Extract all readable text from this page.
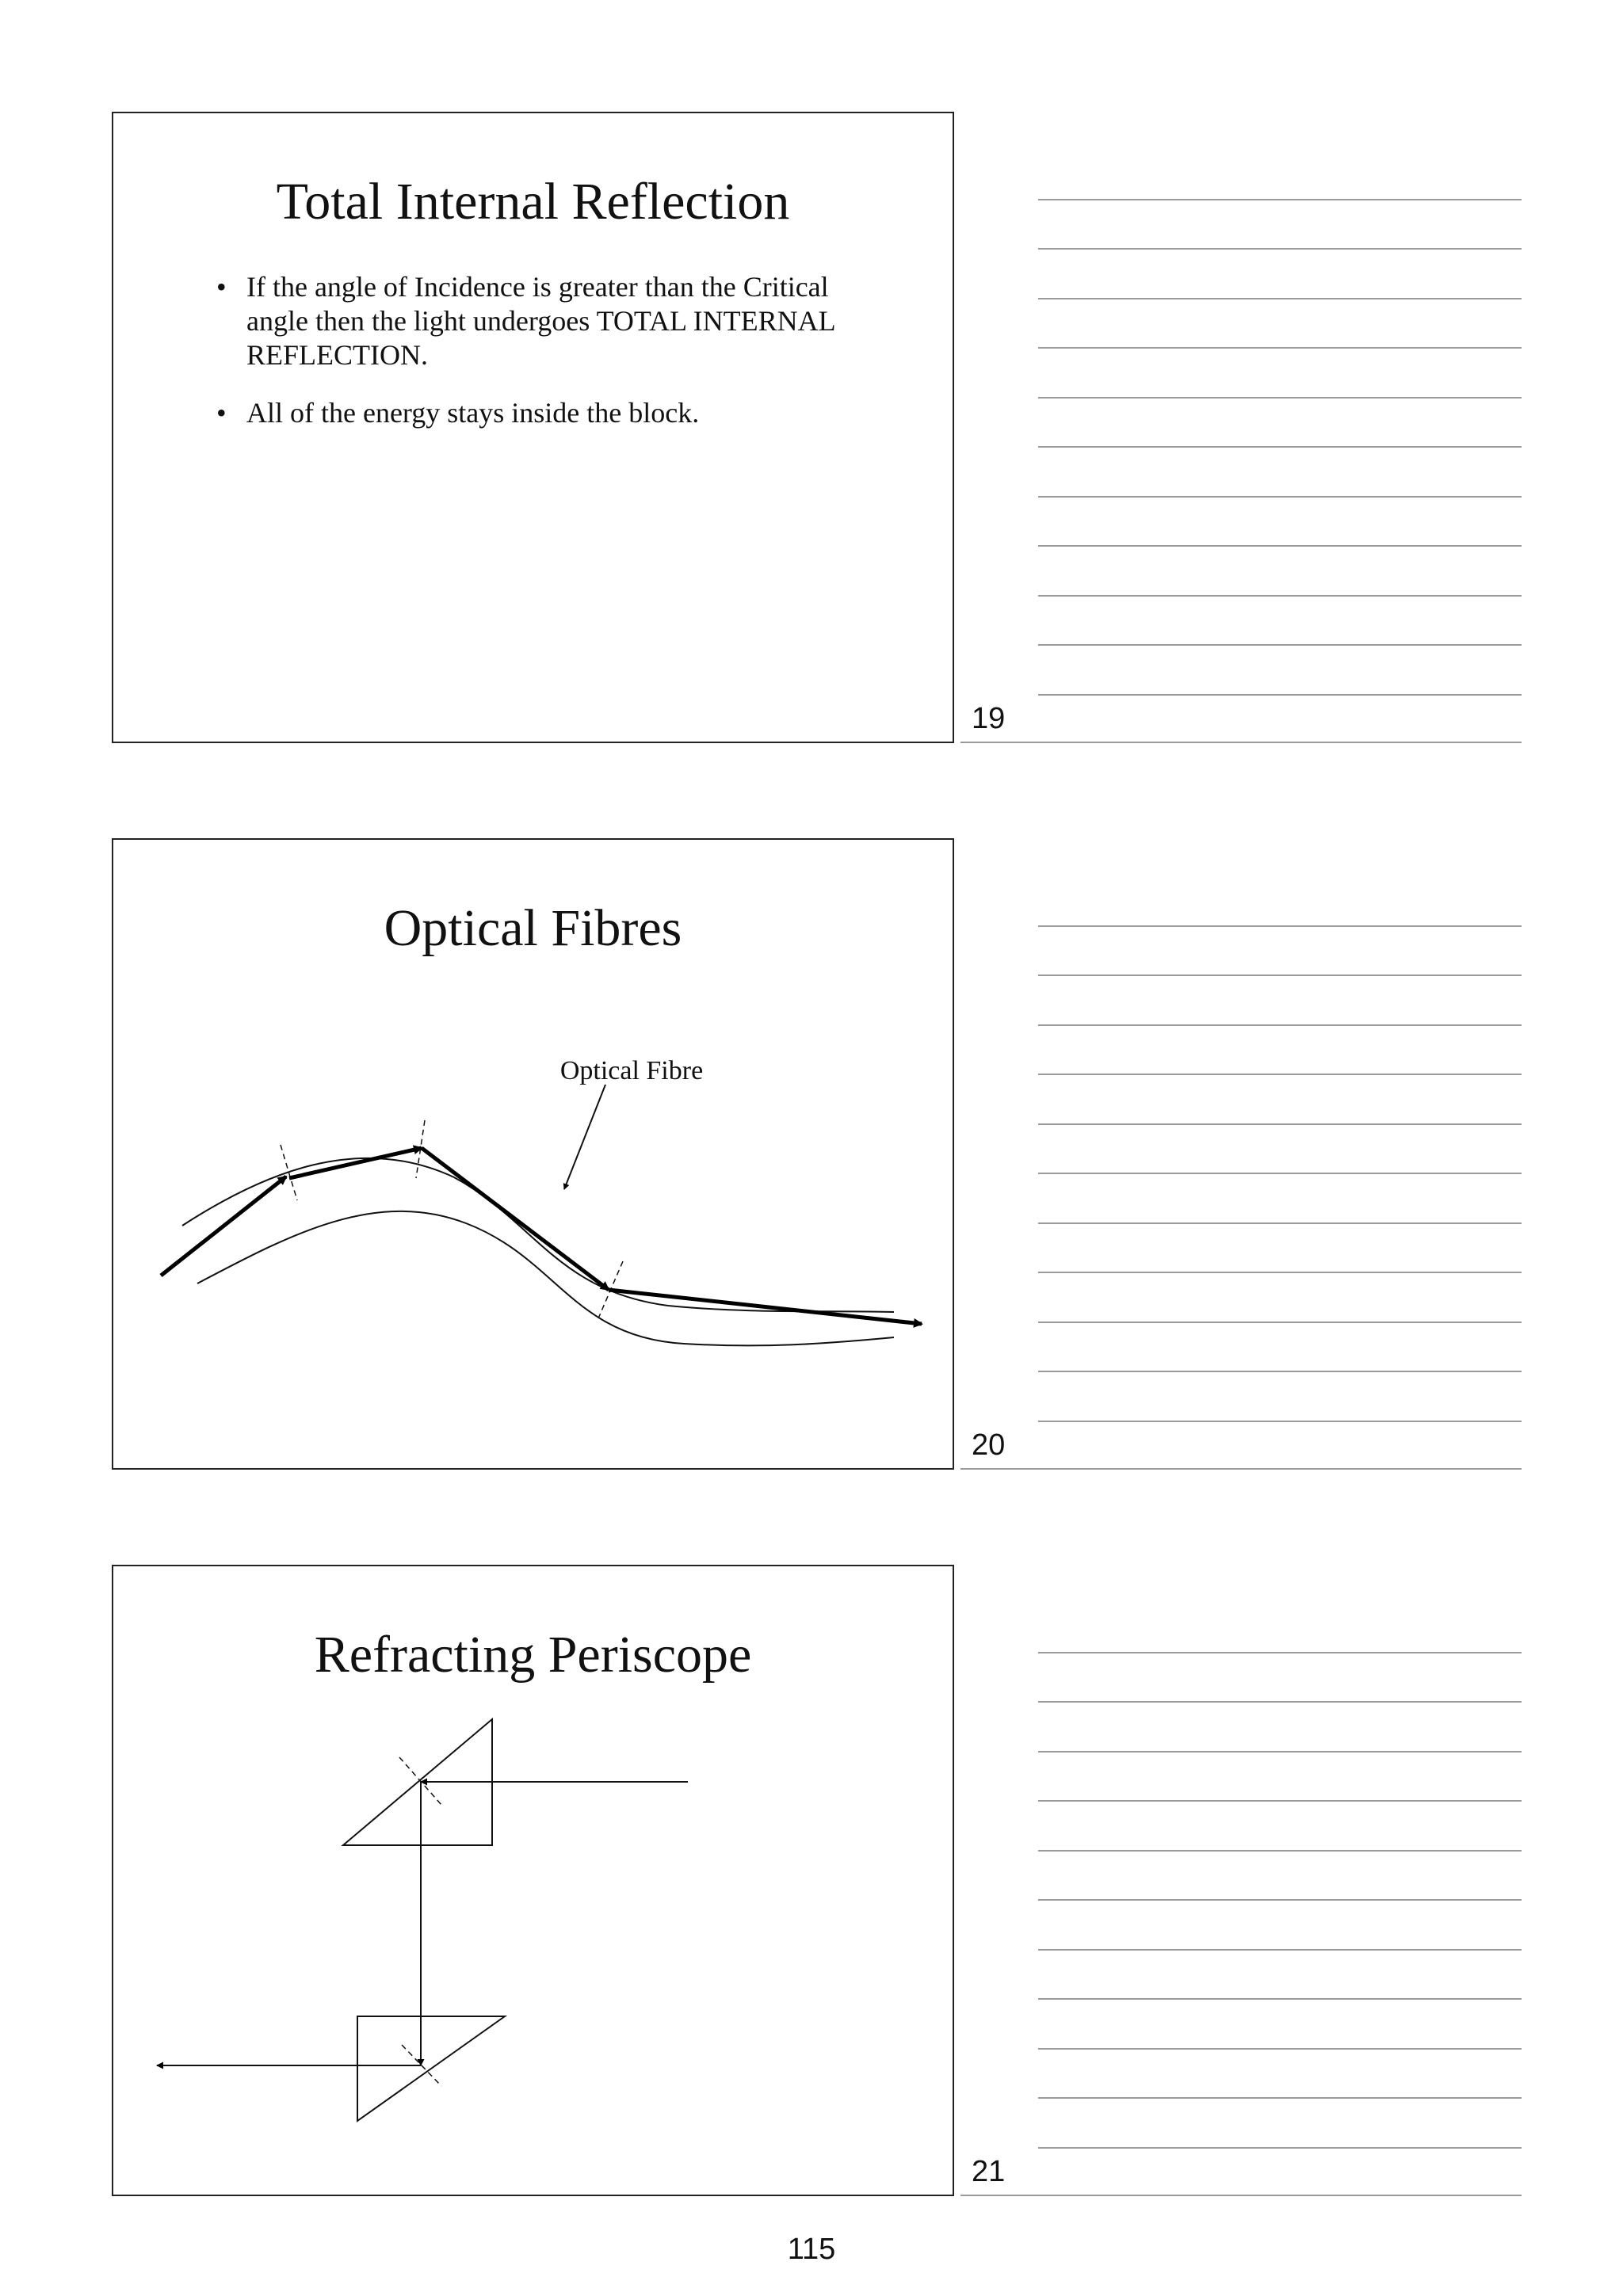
Total Internal Reflection
• If the angle of Incidence is greater than the Critical angle then the light undergoes TOTAL INTERNAL REFLECTION.
• All of the energy stays inside the block.
19
Optical Fibres
Optical Fibre
20
Refracting Periscope
21
115
